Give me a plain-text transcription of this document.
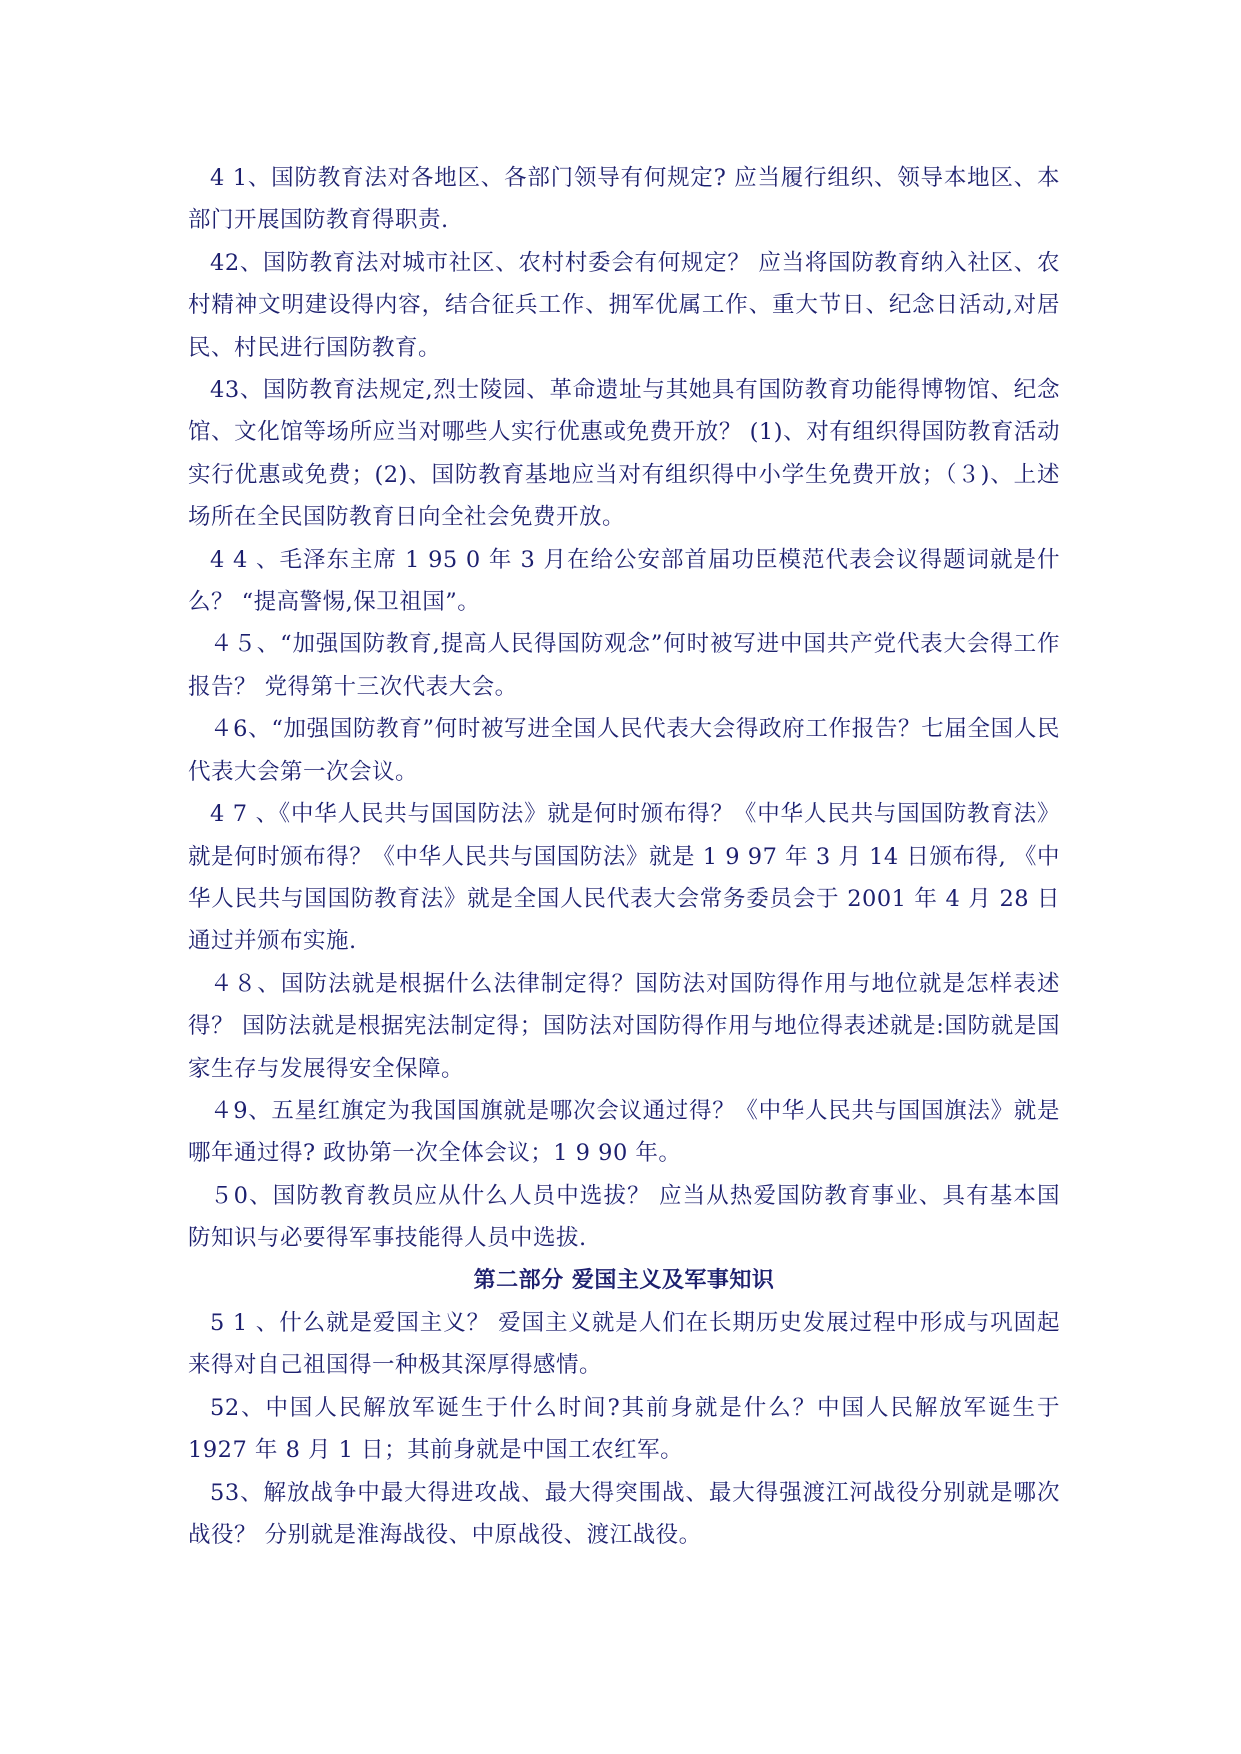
4 1、国防教育法对各地区、各部门领导有何规定? 应当履行组织、领导本地区、本部门开展国防教育得职责.

42、国防教育法对城市社区、农村村委会有何规定？ 应当将国防教育纳入社区、农村精神文明建设得内容，结合征兵工作、拥军优属工作、重大节日、纪念日活动,对居民、村民进行国防教育。

43、国防教育法规定,烈士陵园、革命遗址与其她具有国防教育功能得博物馆、纪念馆、文化馆等场所应当对哪些人实行优惠或免费开放？ (1)、对有组织得国防教育活动实行优惠或免费；(2)、国防教育基地应当对有组织得中小学生免费开放；（３)、上述场所在全民国防教育日向全社会免费开放。

4 4 、毛泽东主席 1 95 0 年 3 月在给公安部首届功臣模范代表会议得题词就是什么？ “提高警惕,保卫祖国”。

４５、“加强国防教育,提高人民得国防观念”何时被写进中国共产党代表大会得工作报告？ 党得第十三次代表大会。

４6、“加强国防教育”何时被写进全国人民代表大会得政府工作报告？七届全国人民代表大会第一次会议。

4 7 、《中华人民共与国国防法》就是何时颁布得？《中华人民共与国国防教育法》就是何时颁布得？《中华人民共与国国防法》就是 1 9 97 年 3 月 14 日颁布得, 《中华人民共与国国防教育法》就是全国人民代表大会常务委员会于 2001 年 4 月 28 日通过并颁布实施.

４８、国防法就是根据什么法律制定得？国防法对国防得作用与地位就是怎样表述得？ 国防法就是根据宪法制定得；国防法对国防得作用与地位得表述就是:国防就是国家生存与发展得安全保障。

４9、五星红旗定为我国国旗就是哪次会议通过得？《中华人民共与国国旗法》就是哪年通过得? 政协第一次全体会议；1 9 90 年。

５0、国防教育教员应从什么人员中选拔？ 应当从热爱国防教育事业、具有基本国防知识与必要得军事技能得人员中选拔.

第二部分 爱国主义及军事知识

5 1 、什么就是爱国主义？ 爱国主义就是人们在长期历史发展过程中形成与巩固起来得对自己祖国得一种极其深厚得感情。

52、中国人民解放军诞生于什么时间?其前身就是什么？中国人民解放军诞生于 1927 年 8 月 1 日；其前身就是中国工农红军。

53、解放战争中最大得进攻战、最大得突围战、最大得强渡江河战役分别就是哪次战役？ 分别就是淮海战役、中原战役、渡江战役。
